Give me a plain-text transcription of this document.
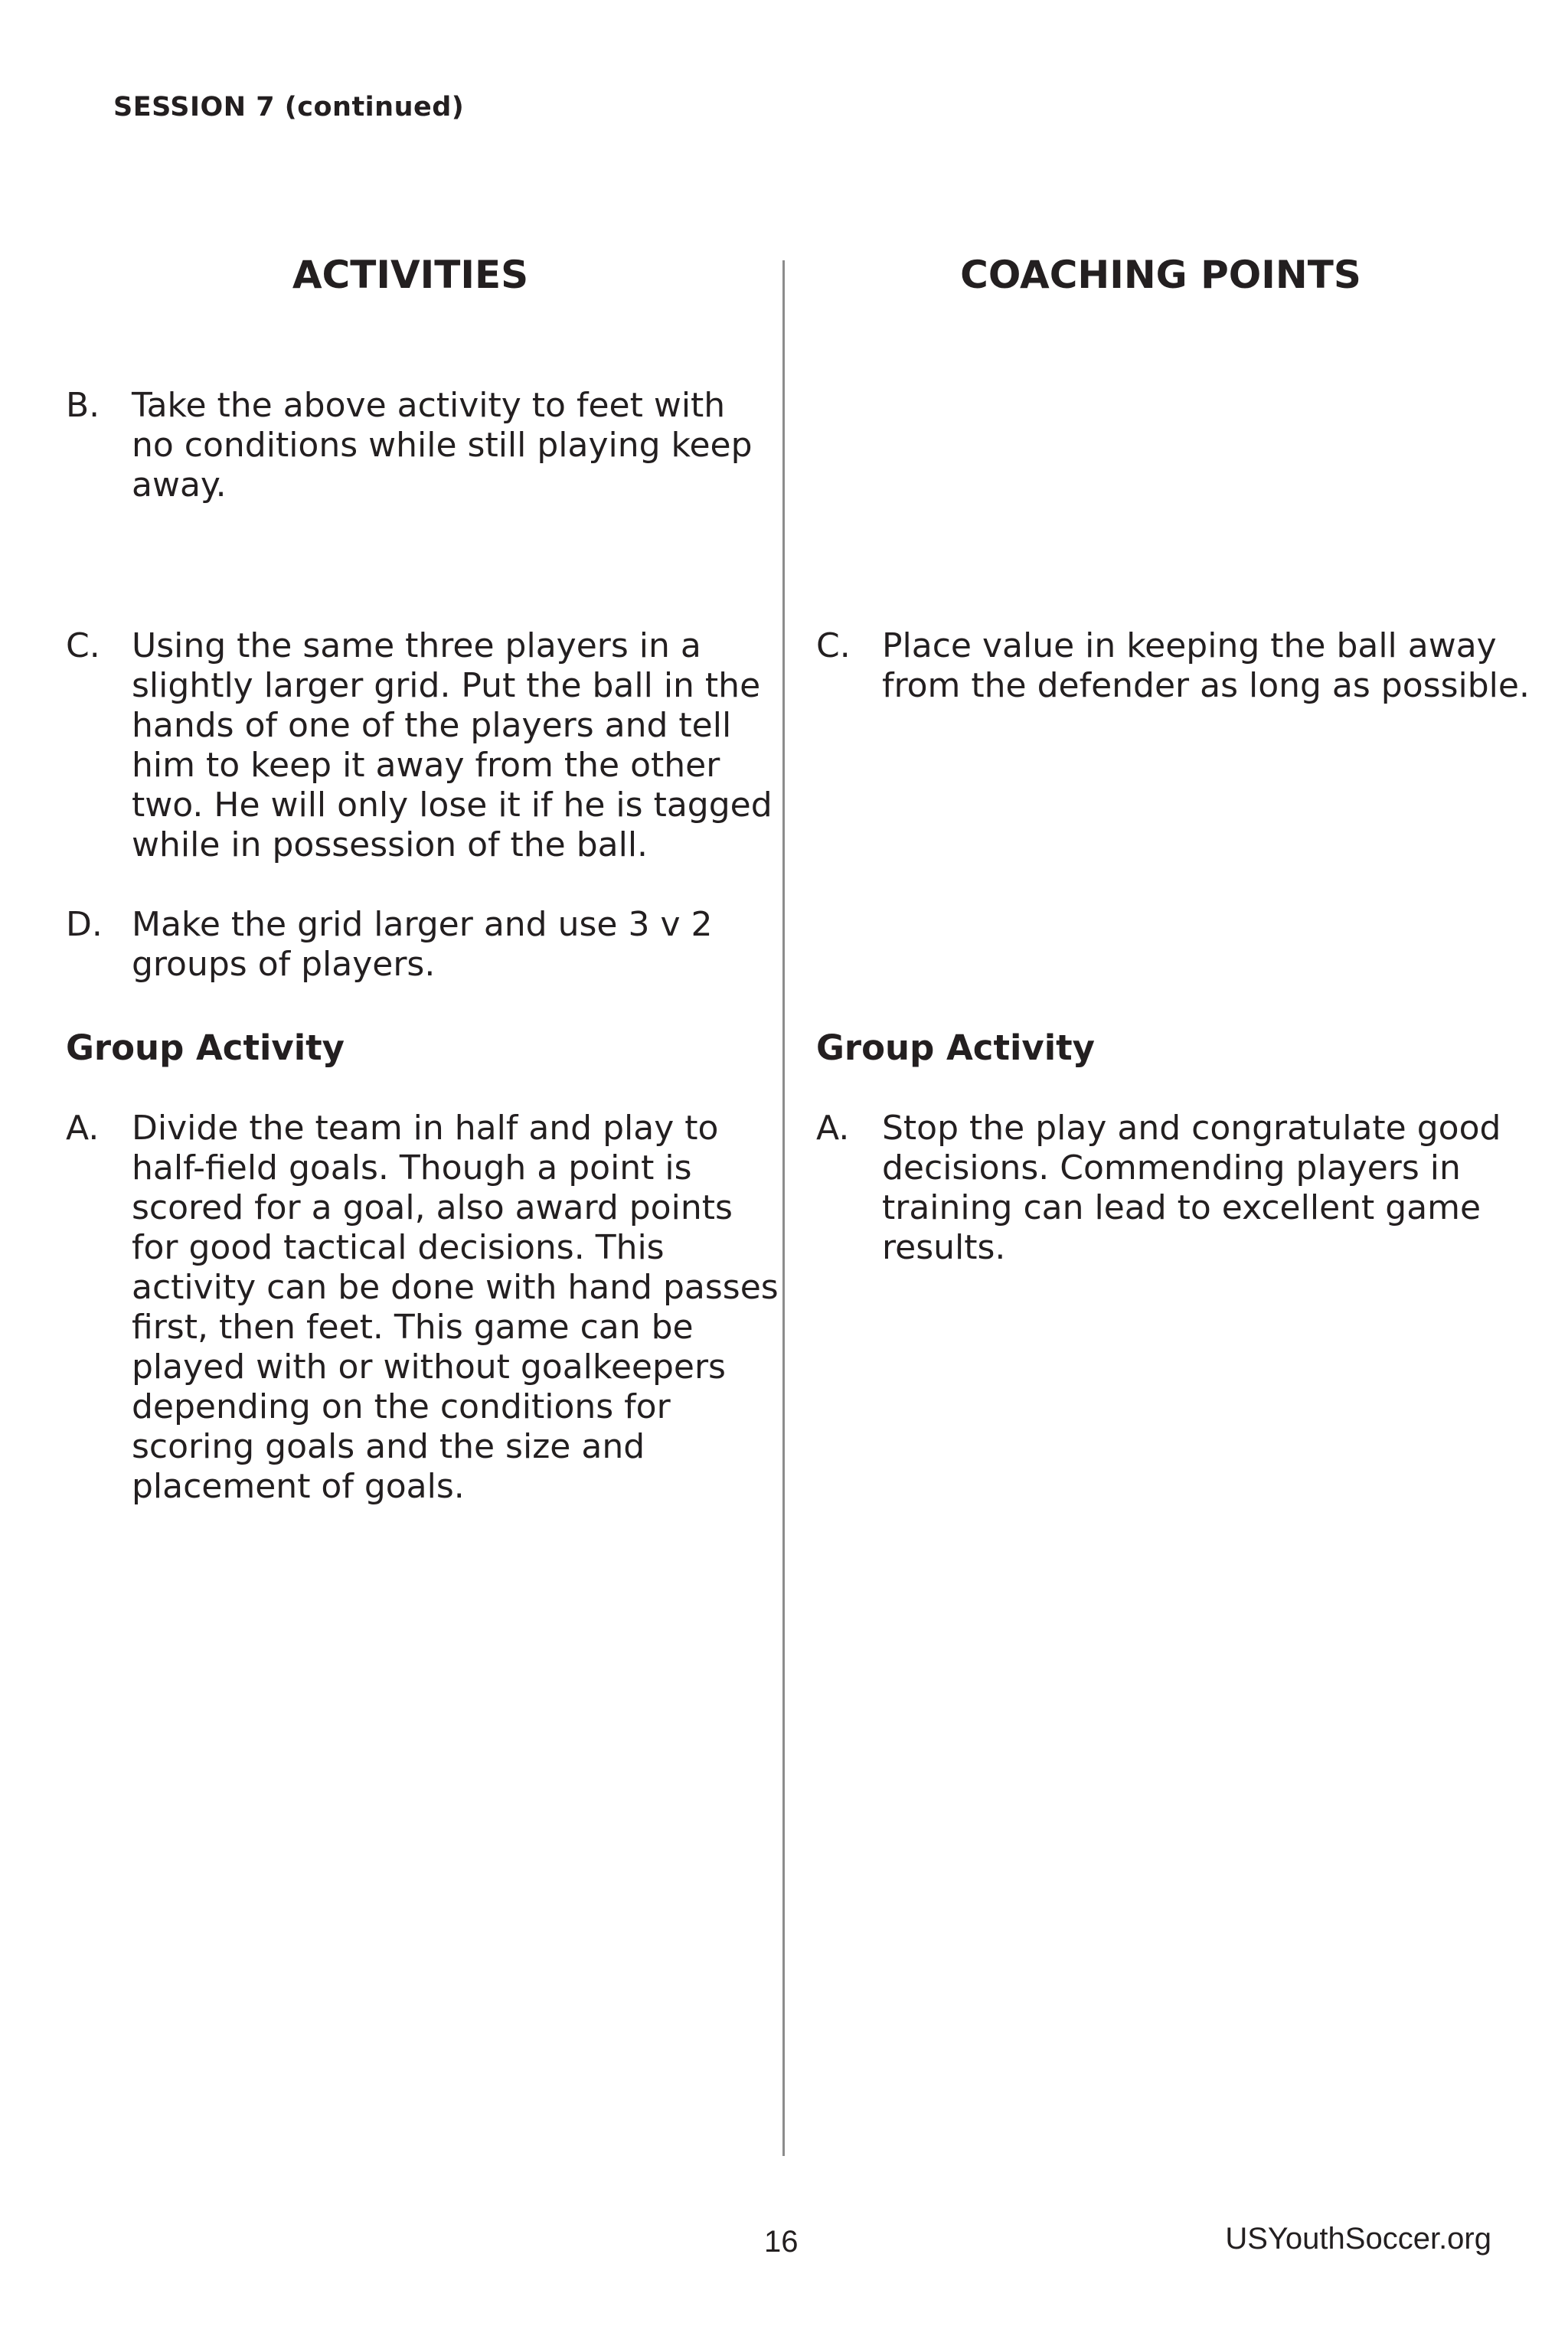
SESSION 7 (continued)
ACTIVITIES	COACHING POINTS
B. Take the above activity to feet with
no conditions while still playing keep
away.
C. Using the same three players in a
slightly larger grid. Put the ball in the
hands of one of the players and tell
him to keep it away from the other
two. He will only lose it if he is tagged
while in possession of the ball.
D. Make the grid larger and use 3 v 2
groups of players.
Group Activity
A. Divide the team in half and play to
half-field goals. Though a point is
scored for a goal, also award points
for good tactical decisions. This
activity can be done with hand passes
first, then feet. This game can be
played with or without goalkeepers
depending on the conditions for
scoring goals and the size and
placement of goals.
C. Place value in keeping the ball away
from the defender as long as possible.
Group Activity
A. Stop the play and congratulate good
decisions. Commending players in
training can lead to excellent game
results.
16	USYouthSoccer.org
